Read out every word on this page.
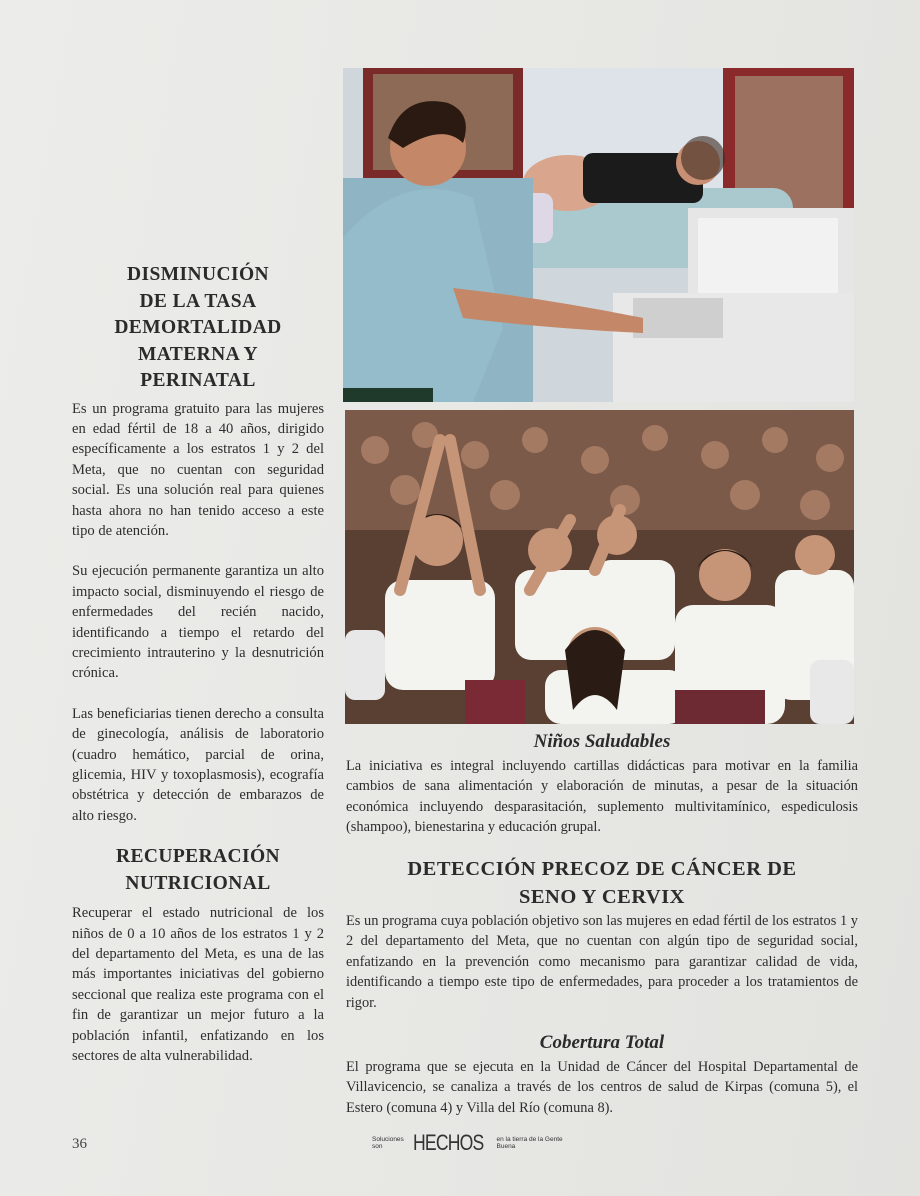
DISMINUCIÓN
DE LA TASA
DEMORTALIDAD
MATERNA Y
PERINATAL

Es un programa gratuito para las mujeres en edad fértil de 18 a 40 años, dirigido específicamente a los estratos 1 y 2 del Meta, que no cuentan con seguridad social. Es una solución real para quienes hasta ahora no han tenido acceso a este tipo de atención.

Su ejecución permanente garantiza un alto impacto social, disminuyendo el riesgo de enfermedades del recién nacido, identificando a tiempo el retardo del crecimiento intrauterino y la desnutrición crónica.

Las beneficiarias tienen derecho a consulta de ginecología, análisis de laboratorio (cuadro hemático, parcial de orina, glicemia, HIV y toxoplasmosis), ecografía obstétrica y detección de embarazos de alto riesgo.

RECUPERACIÓN
NUTRICIONAL

Recuperar el estado nutricional de los niños de 0 a 10 años de los estratos 1 y 2 del departamento del Meta, es una de las más importantes iniciativas del gobierno seccional que realiza este programa con el fin de garantizar un mejor futuro a la población infantil, enfatizando en los sectores de alta vulnerabilidad.

Niños Saludables

La iniciativa es integral incluyendo cartillas didácticas para motivar en la familia cambios de sana alimentación y elaboración de minutas, a pesar de la situación económica incluyendo desparasitación, suplemento multivitamínico, espediculosis (shampoo), bienestarina y educación grupal.

DETECCIÓN PRECOZ DE CÁNCER DE
SENO Y CERVIX

Es un programa cuya población objetivo son las mujeres en edad fértil de los estratos 1 y 2 del departamento del Meta, que no cuentan con algún tipo de seguridad social, enfatizando en la prevención como mecanismo para garantizar calidad de vida, identificando a tiempo este tipo de enfermedades, para proceder a los tratamientos de rigor.

Cobertura Total

El programa que se ejecuta en la Unidad de Cáncer del Hospital Departamental de Villavicencio, se canaliza a través de los centros de salud de Kirpas (comuna 5), el Estero (comuna 4) y Villa del Río (comuna 8).

36	Soluciones son	HECHOS en la tierra de la Gente Buena
